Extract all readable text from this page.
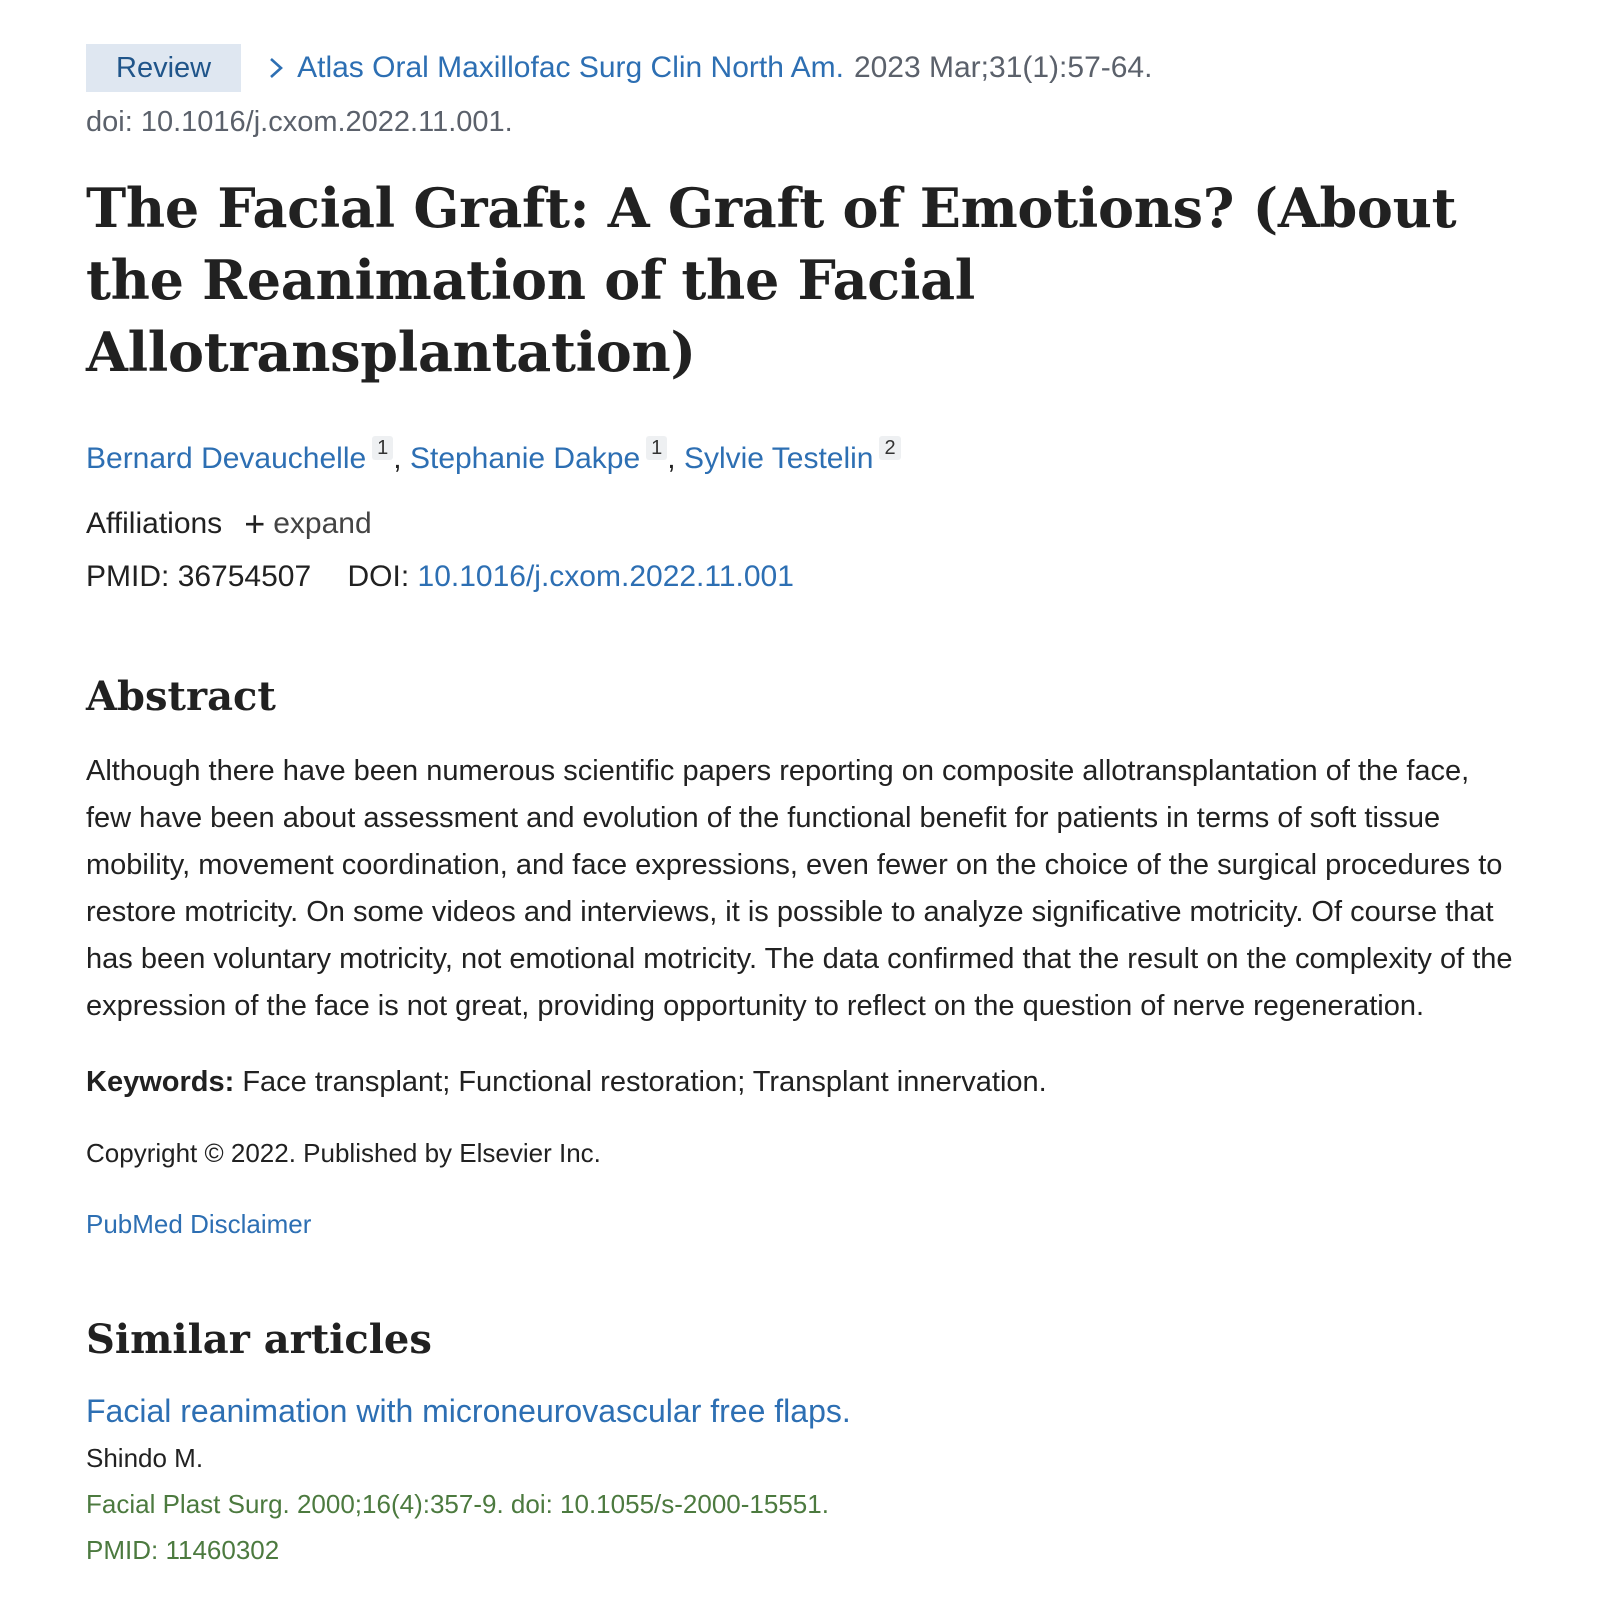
Review	Atlas Oral Maxillofac Surg Clin North Am. 2023 Mar;31(1):57-64.
doi: 10.1016/j.cxom.2022.11.001.
The Facial Graft: A Graft of Emotions? (About the Reanimation of the Facial Allotransplantation)
Bernard Devauchelle $^1$ , Stephanie Dakpe $^1$ , Sylvie Testelin $^2$
Affiliations + expand
PMID: 36754507 DOI: 10.1016/j.cxom.2022.11.001
Abstract
Although there have been numerous scientific papers reporting on composite allotransplantation of the face, few have been about assessment and evolution of the functional benefit for patients in terms of soft tissue mobility, movement coordination, and face expressions, even fewer on the choice of the surgical procedures to restore motricity. On some videos and interviews, it is possible to analyze significative motricity. Of course that has been voluntary motricity, not emotional motricity. The data confirmed that the result on the complexity of the expression of the face is not great, providing opportunity to reflect on the question of nerve regeneration.
Keywords: Face transplant; Functional restoration; Transplant innervation.
Copyright © 2022. Published by Elsevier Inc.
PubMed Disclaimer
Similar articles
Facial reanimation with microneurovascular free flaps.
Shindo M.
Facial Plast Surg. 2000;16(4):357-9. doi: 10.1055/s-2000-15551.
PMID: 11460302
